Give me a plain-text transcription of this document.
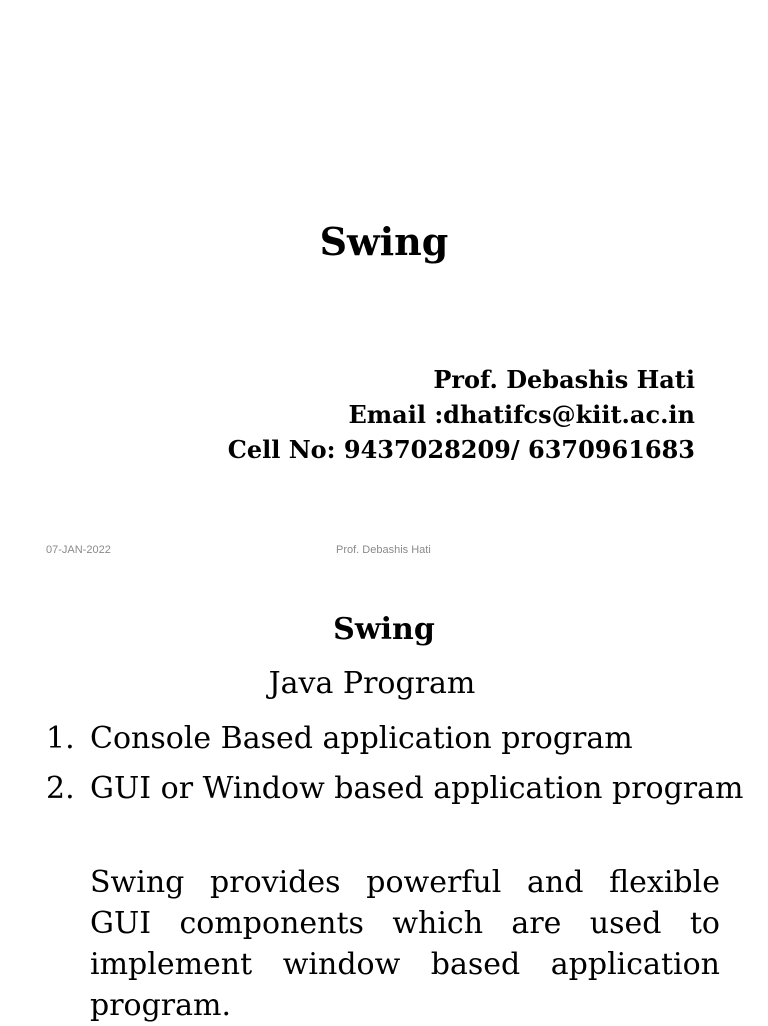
Swing
Prof. Debashis Hati
Email :dhatifcs@kiit.ac.in
Cell No: 9437028209/ 6370961683
07-JAN-2022	Prof. Debashis Hati
Swing
Java Program
1. Console Based application program
2. GUI or Window based application program
Swing provides powerful and flexible GUI components which are used to implement window based application program.
